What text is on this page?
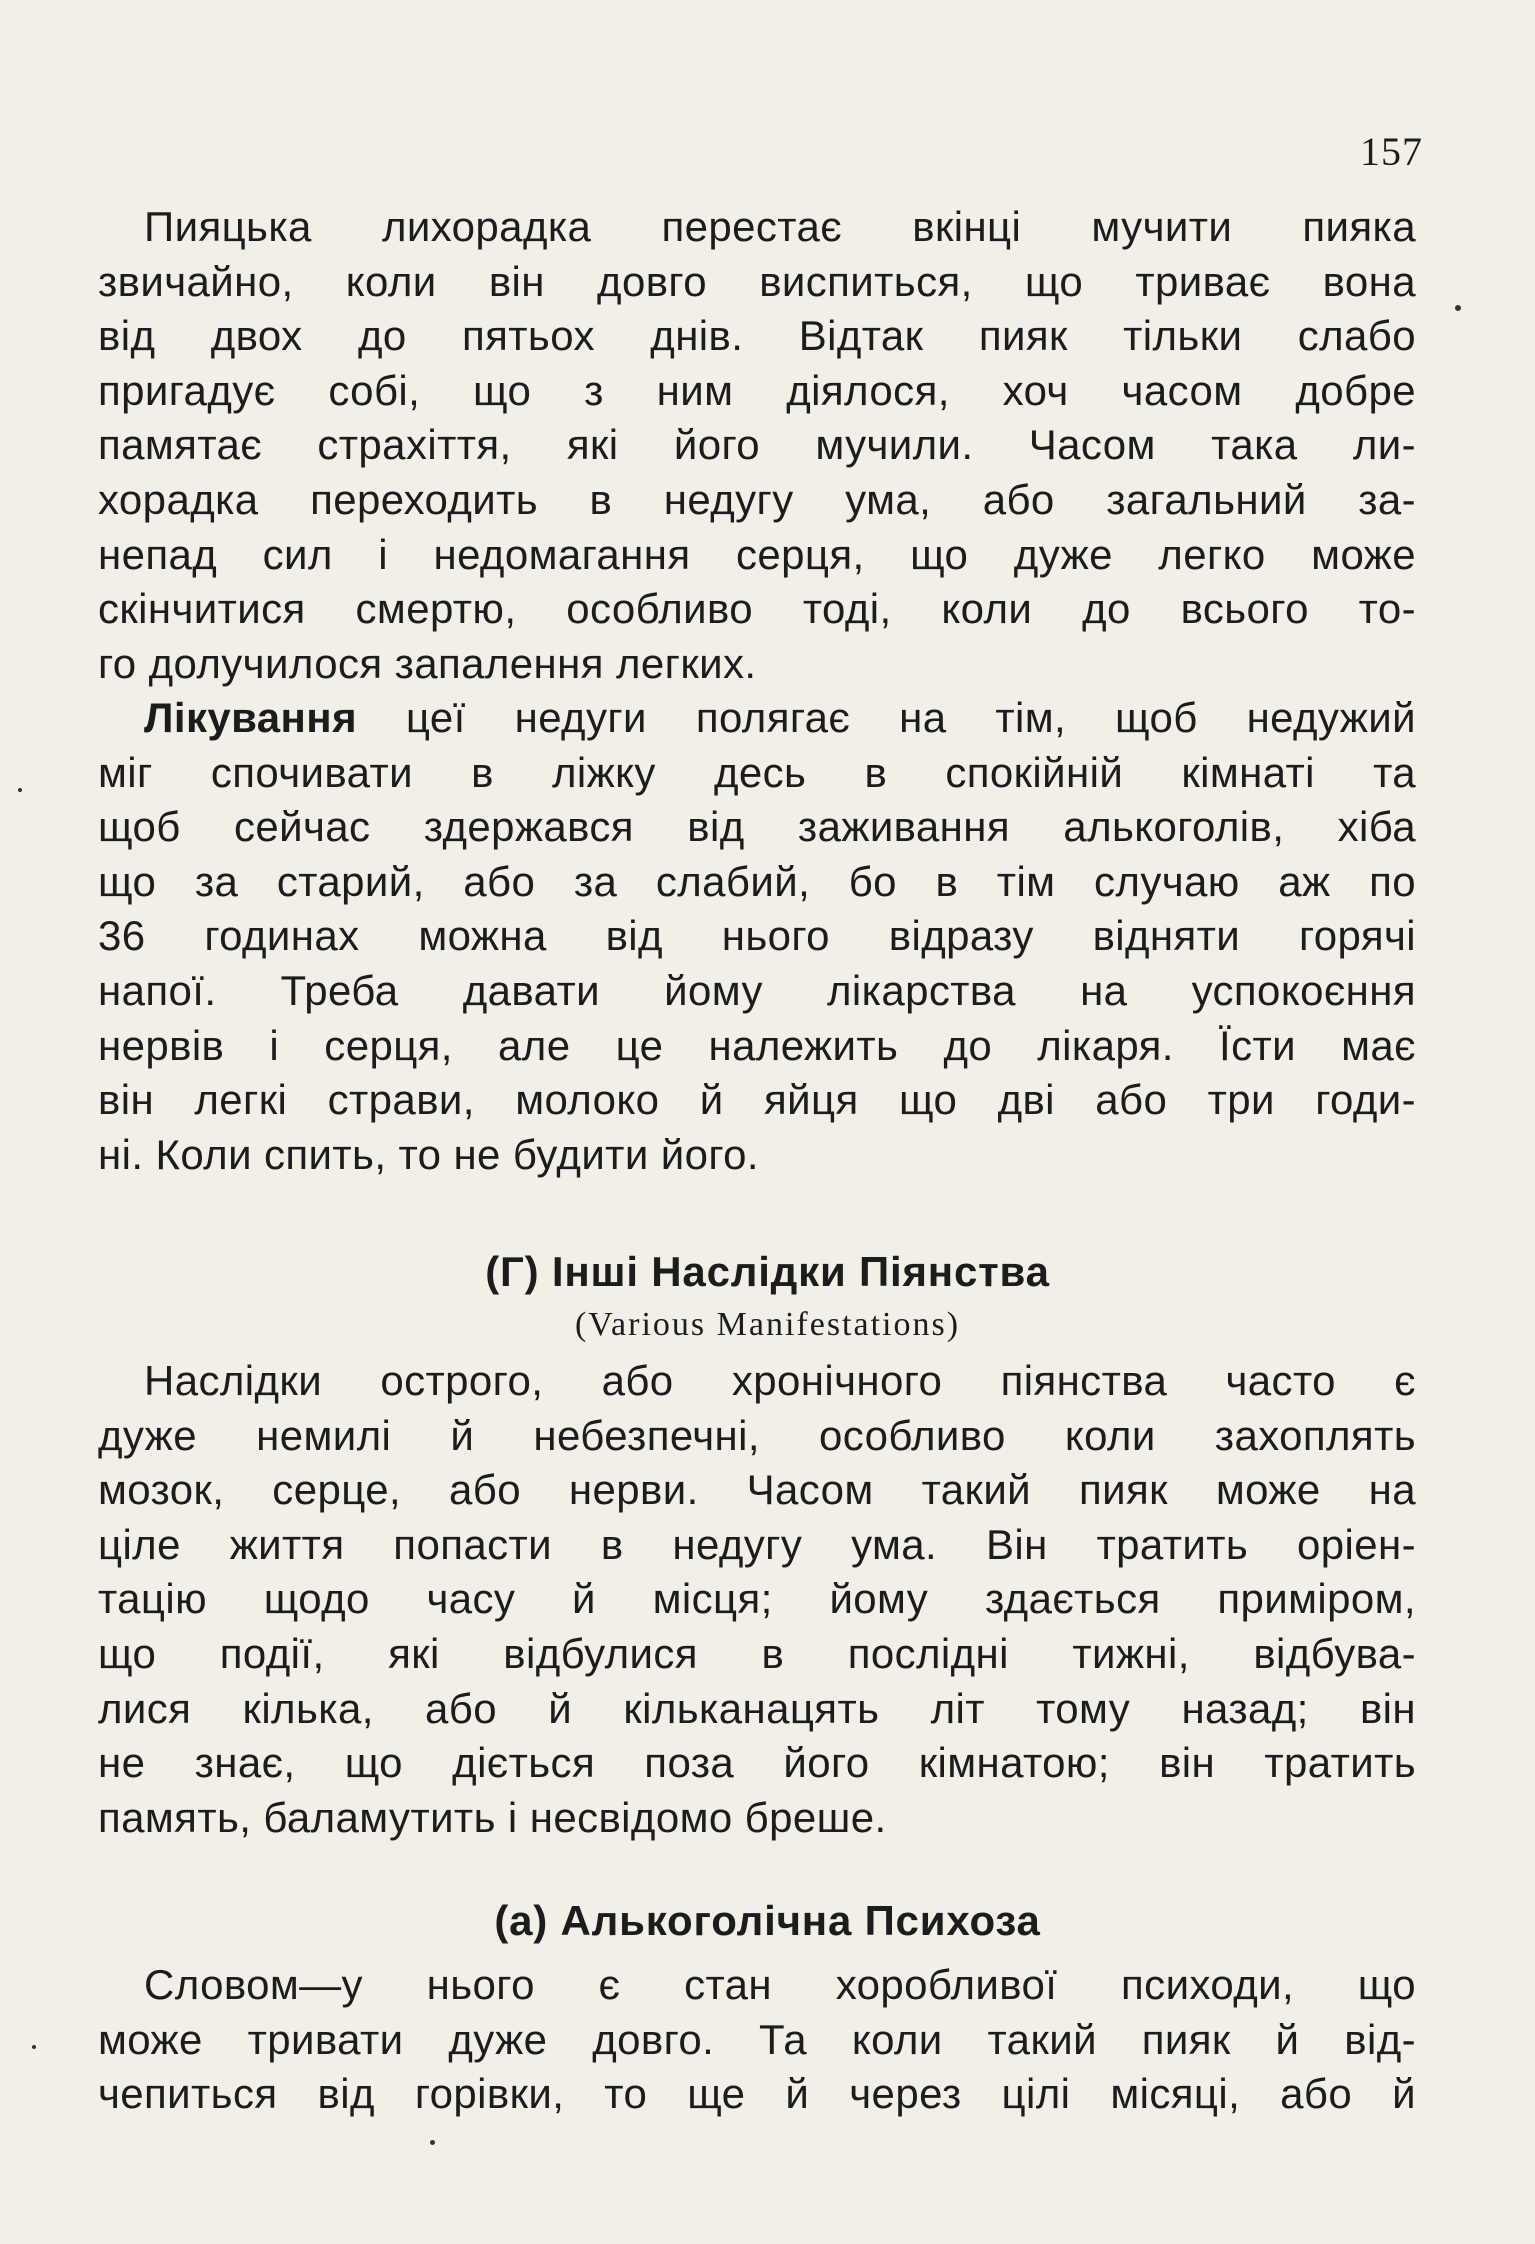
157
Пияцька лихорадка перестає вкінці мучити пияка
звичайно, коли він довго виспиться, що триває вона
від двох до пятьох днів. Відтак пияк тільки слабо
пригадує собі, що з ним діялося, хоч часом добре
памятає страхіття, які його мучили. Часом така ли-
хорадка переходить в недугу ума, або загальний за-
непад сил і недомагання серця, що дуже легко може
скінчитися смертю, особливо тоді, коли до всього то-
го долучилося запалення легких.
Лікування цеї недуги полягає на тім, щоб недужий
міг спочивати в ліжку десь в спокійній кімнаті та
щоб сейчас здержався від заживання алькоголів, хіба
що за старий, або за слабий, бо в тім случаю аж по
36 годинах можна від нього відразу відняти горячі
напої. Треба давати йому лікарства на успокоєння
нервів і серця, але це належить до лікаря. Їсти має
він легкі страви, молоко й яйця що дві або три годи-
ні. Коли спить, то не будити його.
(Г) Інші Наслідки Піянства
(Various Manifestations)
Наслідки острого, або хронічного піянства часто є
дуже немилі й небезпечні, особливо коли захоплять
мозок, серце, або нерви. Часом такий пияк може на
ціле життя попасти в недугу ума. Він тратить оріен-
тацію щодо часу й місця; йому здається приміром,
що події, які відбулися в послідні тижні, відбува-
лися кілька, або й кільканацять літ тому назад; він
не знає, що діється поза його кімнатою; він тратить
память, баламутить і несвідомо бреше.
(а) Алькоголічна Психоза
Словом—у нього є стан хоробливої психоди, що
може тривати дуже довго. Та коли такий пияк й від-
чепиться від горівки, то ще й через цілі місяці, або й
